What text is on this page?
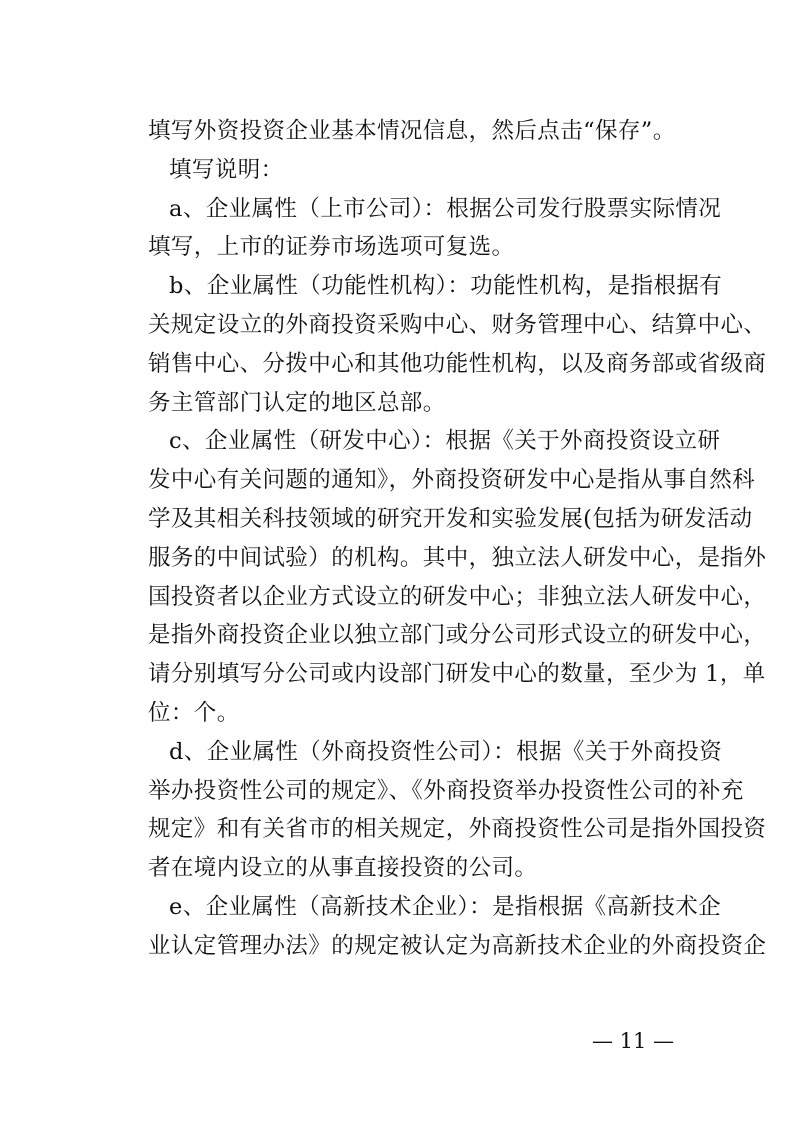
填写外资投资企业基本情况信息，然后点击“保存”。
填写说明：
a、企业属性（上市公司）：根据公司发行股票实际情况
填写，上市的证券市场选项可复选。
b、企业属性（功能性机构）：功能性机构，是指根据有
关规定设立的外商投资采购中心、财务管理中心、结算中心、
销售中心、分拨中心和其他功能性机构，以及商务部或省级商
务主管部门认定的地区总部。
c、企业属性（研发中心）：根据《关于外商投资设立研
发中心有关问题的通知》，外商投资研发中心是指从事自然科
学及其相关科技领域的研究开发和实验发展(包括为研发活动
服务的中间试验）的机构。其中，独立法人研发中心，是指外
国投资者以企业方式设立的研发中心；非独立法人研发中心，
是指外商投资企业以独立部门或分公司形式设立的研发中心，
请分别填写分公司或内设部门研发中心的数量，至少为 1，单
位：个。
d、企业属性（外商投资性公司）：根据《关于外商投资
举办投资性公司的规定》、《外商投资举办投资性公司的补充
规定》和有关省市的相关规定，外商投资性公司是指外国投资
者在境内设立的从事直接投资的公司。
e、企业属性（高新技术企业）：是指根据《高新技术企
业认定管理办法》的规定被认定为高新技术企业的外商投资企
— 11 —
